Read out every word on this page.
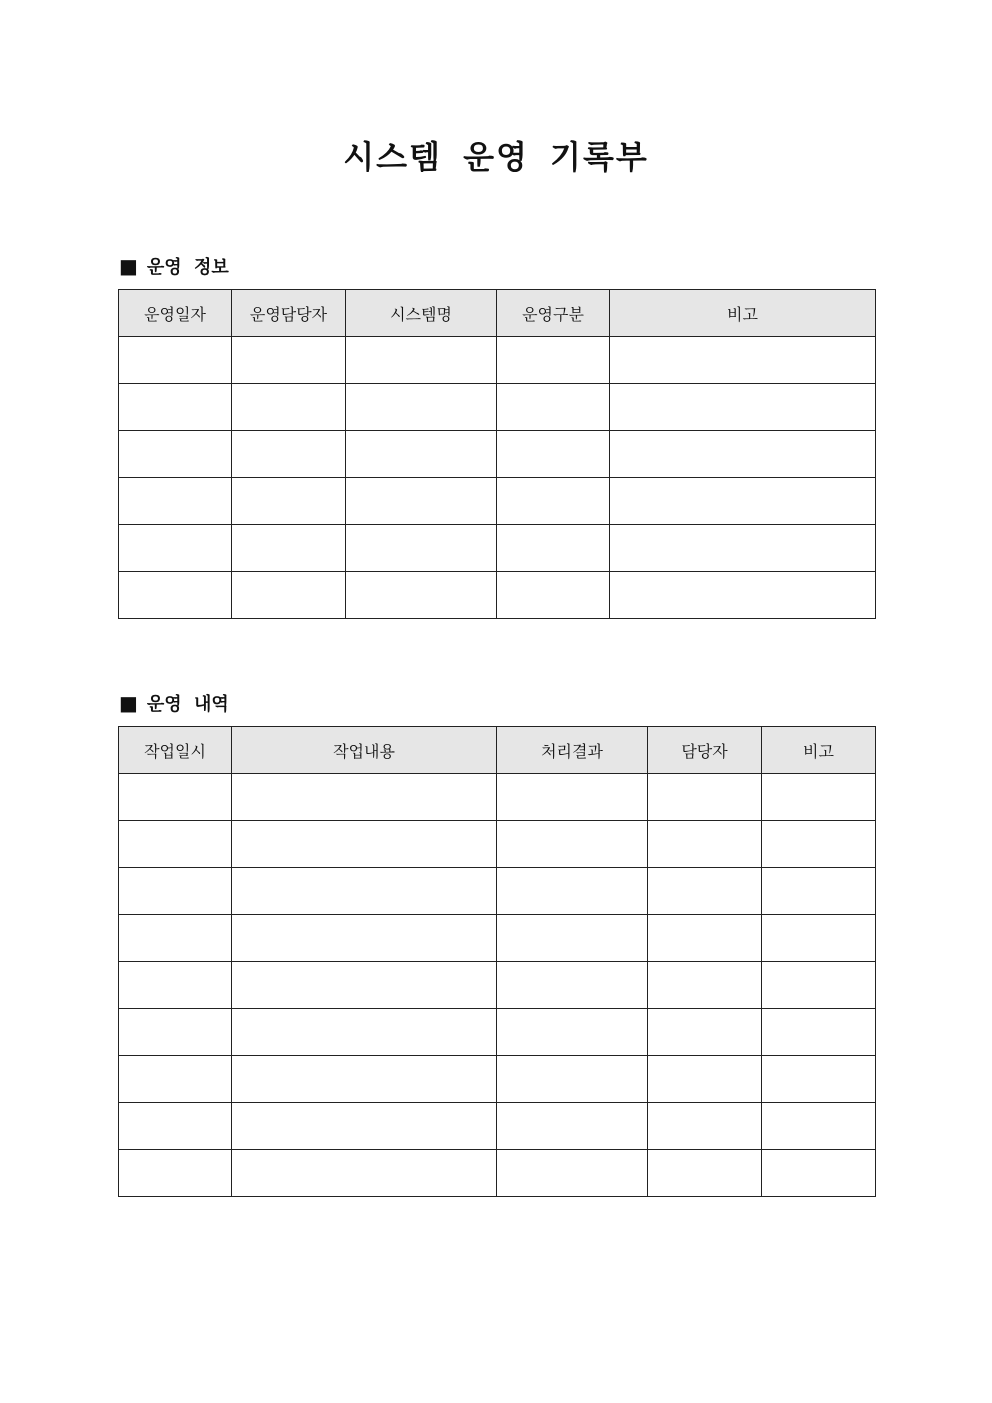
시스템 운영 기록부
■ 운영 정보
운영일자	운영담당자	시스템명	운영구분	비고

■ 운영 내역
작업일시	작업내용	처리결과	담당자	비고
